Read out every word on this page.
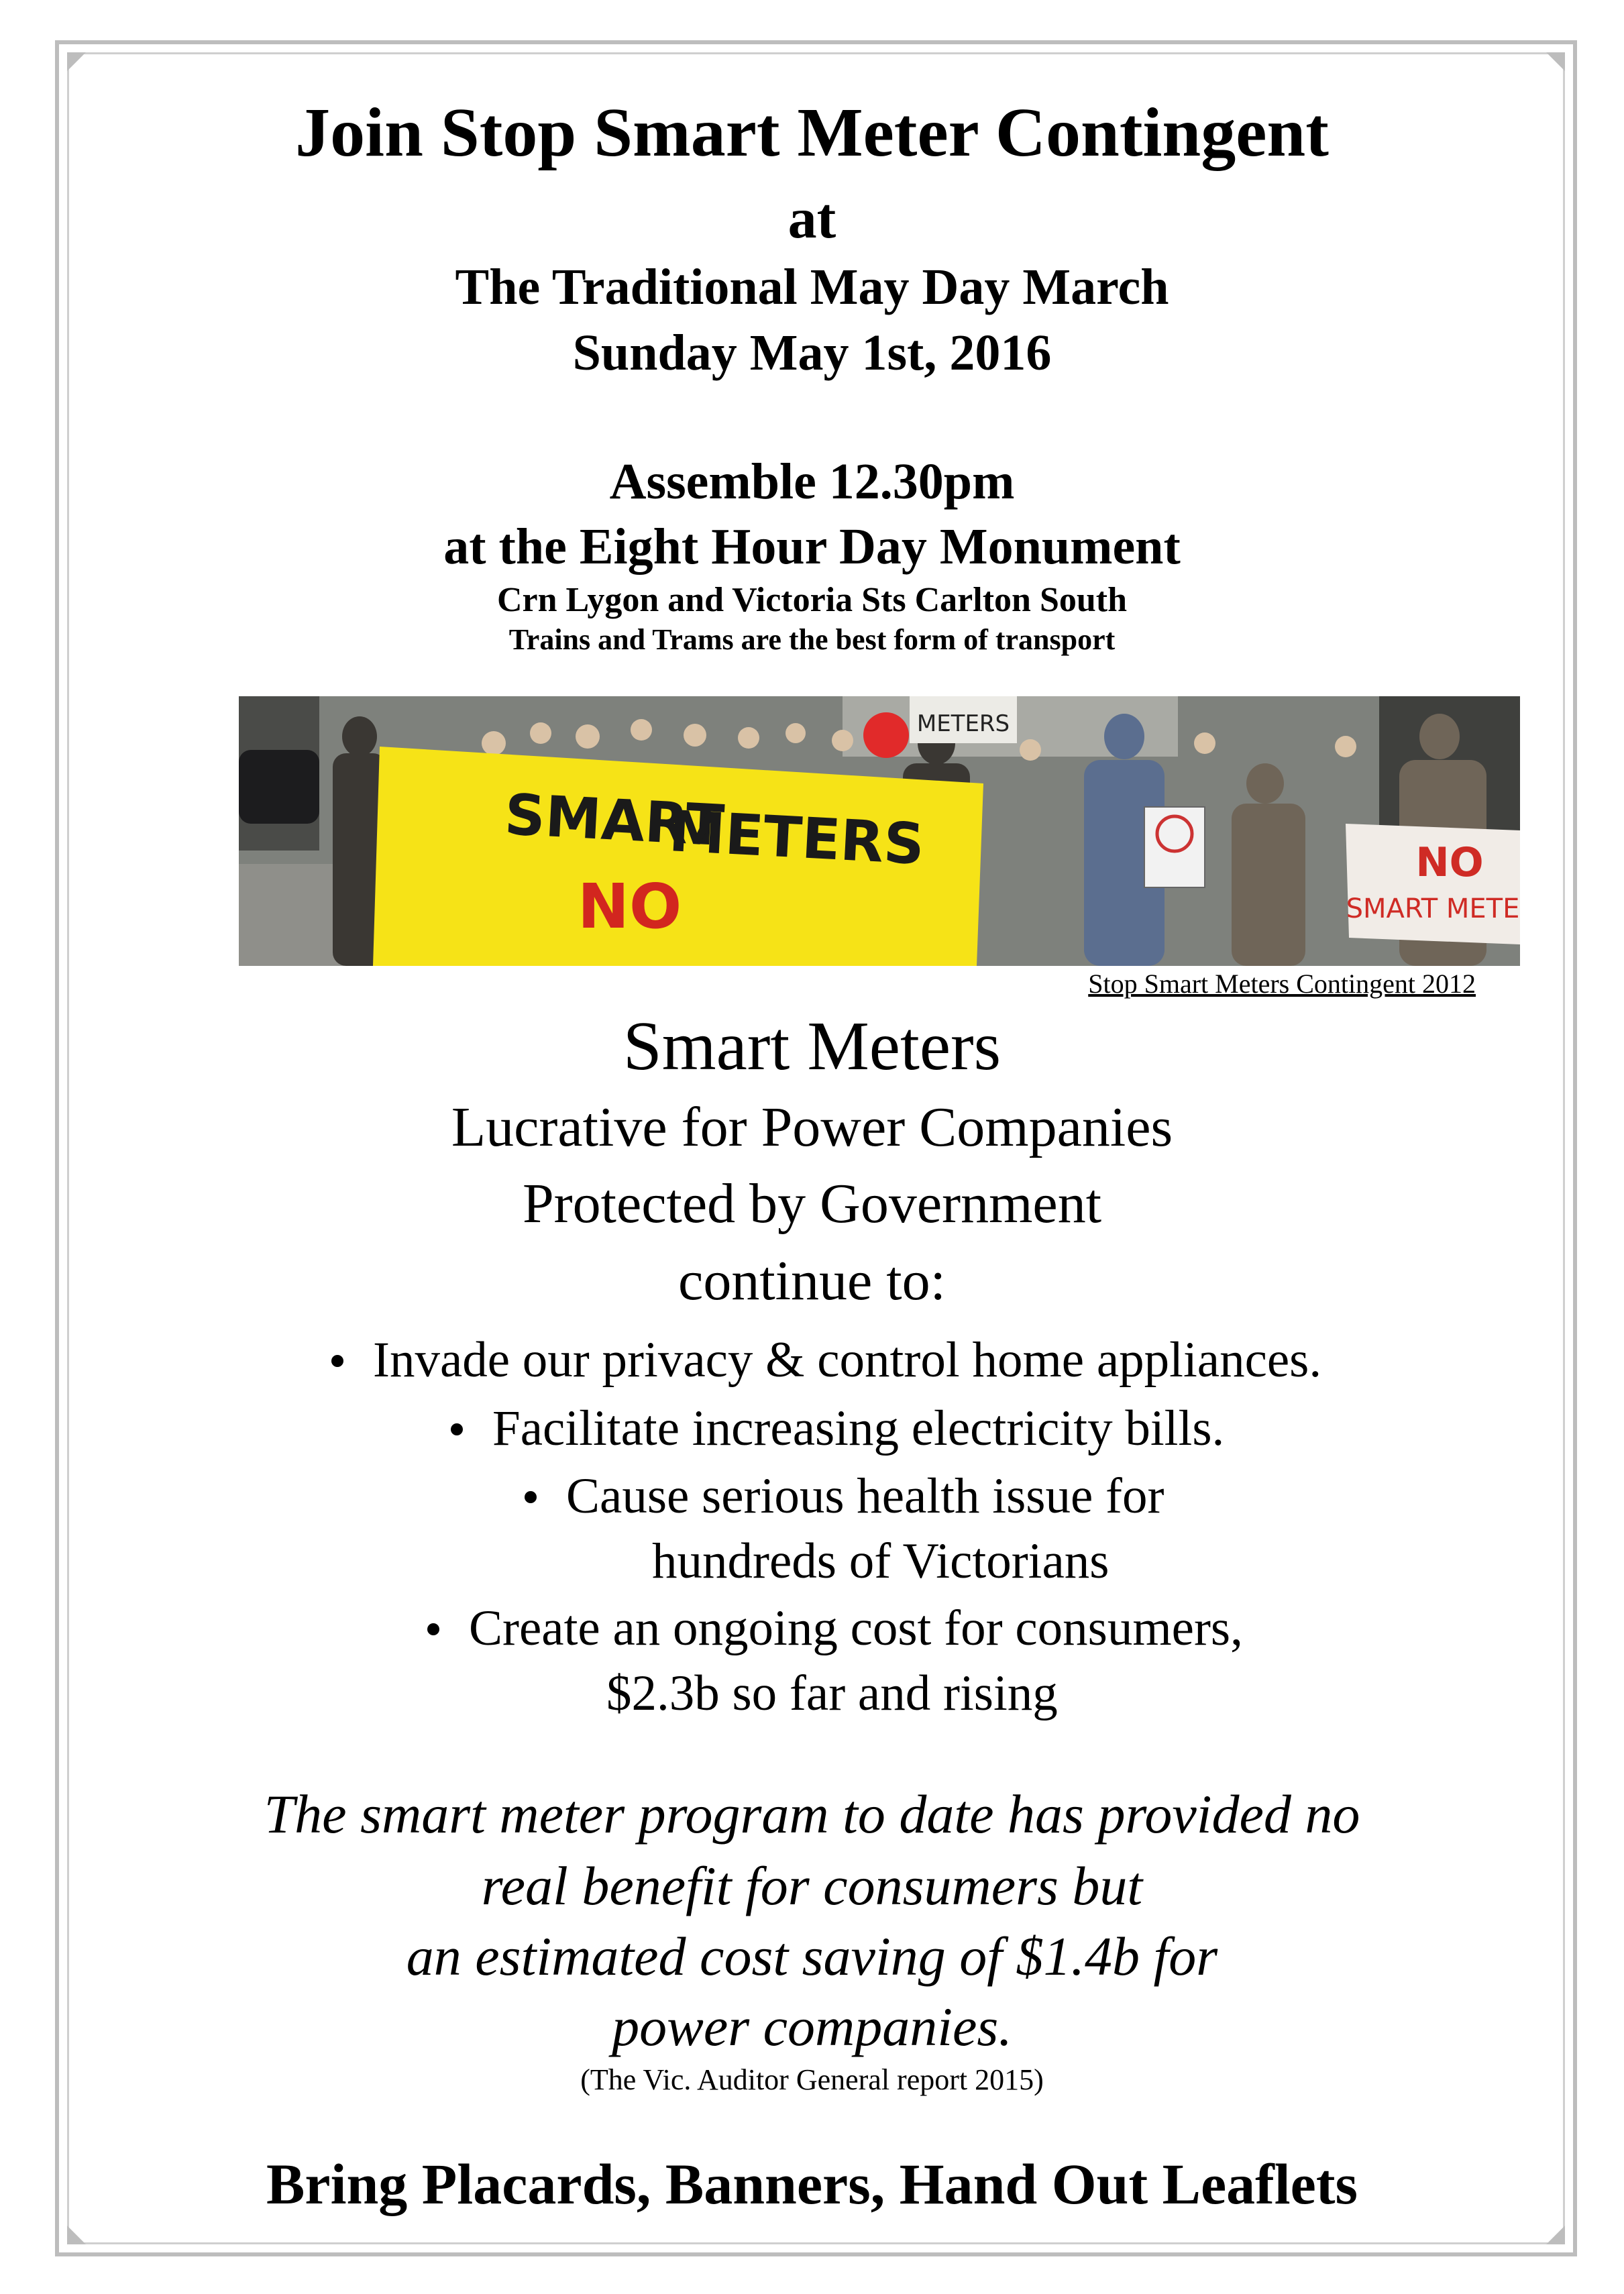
Join Stop Smart Meter Contingent
at
The Traditional May Day March
Sunday May 1st, 2016
Assemble 12.30pm
at the Eight Hour Day Monument
Crn Lygon and Victoria Sts Carlton South
Trains and Trams are the best form of transport
METERS
SMART
METERS
NO
NO
SMART METE
Stop Smart Meters Contingent 2012
Smart Meters
Lucrative for Power Companies
Protected by Government
continue to:
Invade our privacy & control home appliances.
Facilitate increasing electricity bills.
Cause serious health issue for
hundreds of Victorians
Create an ongoing cost for consumers,
$2.3b so far and rising
The smart meter program to date has provided no
real benefit for consumers but
an estimated cost saving of $1.4b for
power companies.
(The Vic. Auditor General report 2015)
Bring Placards, Banners, Hand Out Leaflets
